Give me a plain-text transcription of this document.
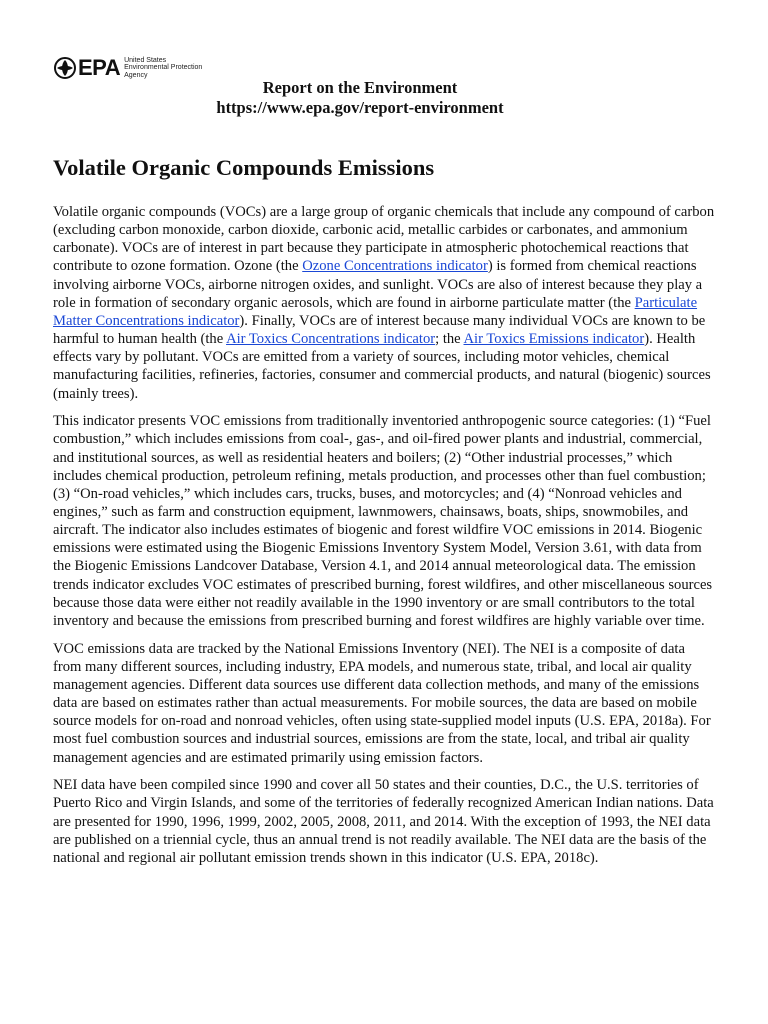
EPA United States
Environmental Protection
Agency
Report on the Environment
https://www.epa.gov/report-environment
Volatile Organic Compounds Emissions

Volatile organic compounds (VOCs) are a large group of organic chemicals that include any compound of carbon (excluding carbon monoxide, carbon dioxide, carbonic acid, metallic carbides or carbonates, and ammonium carbonate). VOCs are of interest in part because they participate in atmospheric photochemical reactions that contribute to ozone formation. Ozone (the Ozone Concentrations indicator) is formed from chemical reactions involving airborne VOCs, airborne nitrogen oxides, and sunlight. VOCs are also of interest because they play a role in formation of secondary organic aerosols, which are found in airborne particulate matter (the Particulate Matter Concentrations indicator). Finally, VOCs are of interest because many individual VOCs are known to be harmful to human health (the Air Toxics Concentrations indicator; the Air Toxics Emissions indicator). Health effects vary by pollutant. VOCs are emitted from a variety of sources, including motor vehicles, chemical manufacturing facilities, refineries, factories, consumer and commercial products, and natural (biogenic) sources (mainly trees).

This indicator presents VOC emissions from traditionally inventoried anthropogenic source categories: (1) “Fuel combustion,” which includes emissions from coal-, gas-, and oil-fired power plants and industrial, commercial, and institutional sources, as well as residential heaters and boilers; (2) “Other industrial processes,” which includes chemical production, petroleum refining, metals production, and processes other than fuel combustion; (3) “On-road vehicles,” which includes cars, trucks, buses, and motorcycles; and (4) “Nonroad vehicles and engines,” such as farm and construction equipment, lawnmowers, chainsaws, boats, ships, snowmobiles, and aircraft. The indicator also includes estimates of biogenic and forest wildfire VOC emissions in 2014. Biogenic emissions were estimated using the Biogenic Emissions Inventory System Model, Version 3.61, with data from the Biogenic Emissions Landcover Database, Version 4.1, and 2014 annual meteorological data. The emission trends indicator excludes VOC estimates of prescribed burning, forest wildfires, and other miscellaneous sources because those data were either not readily available in the 1990 inventory or are small contributors to the total inventory and because the emissions from prescribed burning and forest wildfires are highly variable over time.

VOC emissions data are tracked by the National Emissions Inventory (NEI). The NEI is a composite of data from many different sources, including industry, EPA models, and numerous state, tribal, and local air quality management agencies. Different data sources use different data collection methods, and many of the emissions data are based on estimates rather than actual measurements. For mobile sources, the data are based on mobile source models for on-road and nonroad vehicles, often using state-supplied model inputs (U.S. EPA, 2018a). For most fuel combustion sources and industrial sources, emissions are from the state, local, and tribal air quality management agencies and are estimated primarily using emission factors.

NEI data have been compiled since 1990 and cover all 50 states and their counties, D.C., the U.S. territories of Puerto Rico and Virgin Islands, and some of the territories of federally recognized American Indian nations. Data are presented for 1990, 1996, 1999, 2002, 2005, 2008, 2011, and 2014. With the exception of 1993, the NEI data are published on a triennial cycle, thus an annual trend is not readily available. The NEI data are the basis of the national and regional air pollutant emission trends shown in this indicator (U.S. EPA, 2018c).
